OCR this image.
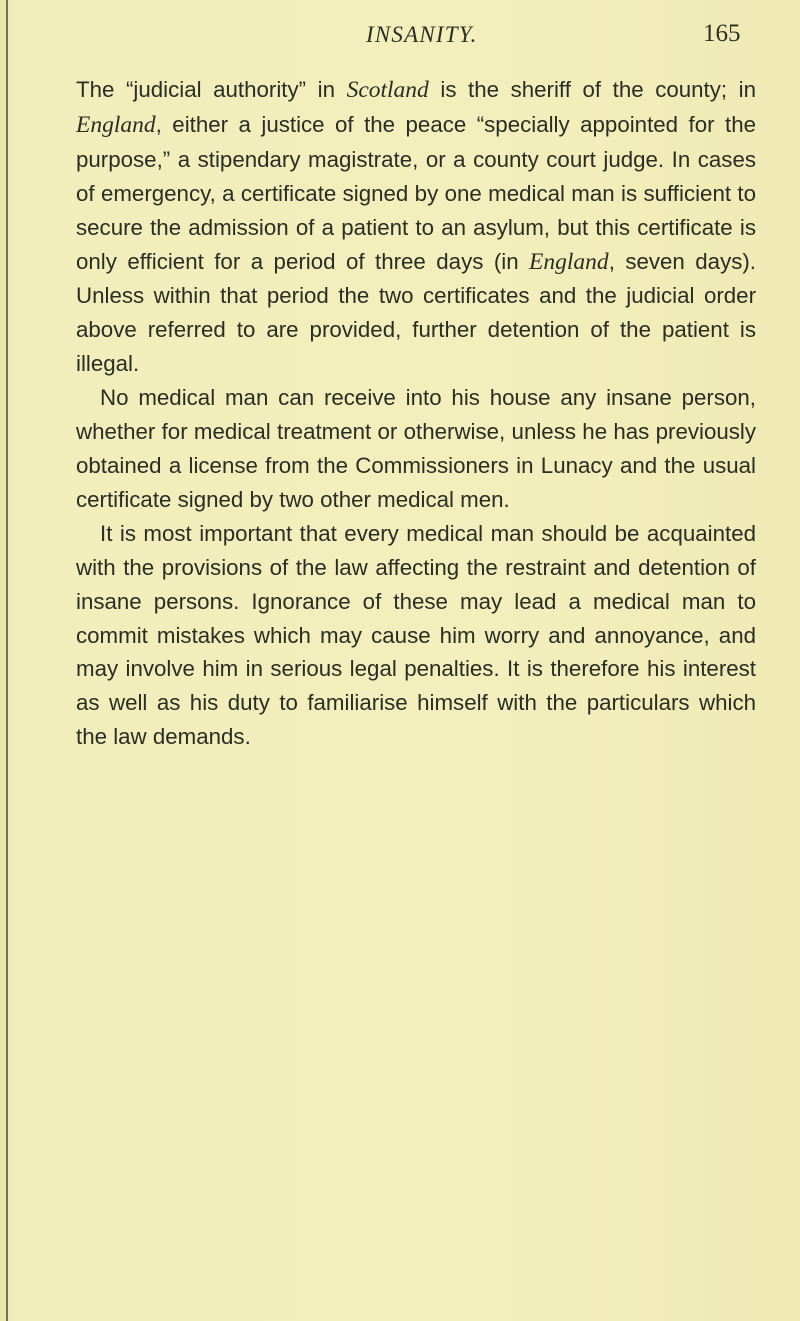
INSANITY.	165

The “judicial authority” in Scotland is the sheriff of the county; in England, either a justice of the peace “specially appointed for the purpose,” a stipendary magistrate, or a county court judge. In cases of emergency, a certificate signed by one medical man is sufficient to secure the admission of a patient to an asylum, but this certificate is only efficient for a period of three days (in England, seven days). Unless within that period the two certificates and the judicial order above referred to are provided, further detention of the patient is illegal.

No medical man can receive into his house any insane person, whether for medical treatment or otherwise, unless he has previously obtained a license from the Commissioners in Lunacy and the usual certificate signed by two other medical men.

It is most important that every medical man should be acquainted with the provisions of the law affecting the restraint and detention of insane persons. Ignorance of these may lead a medical man to commit mistakes which may cause him worry and annoyance, and may involve him in serious legal penalties. It is therefore his interest as well as his duty to familiarise himself with the particulars which the law demands.
